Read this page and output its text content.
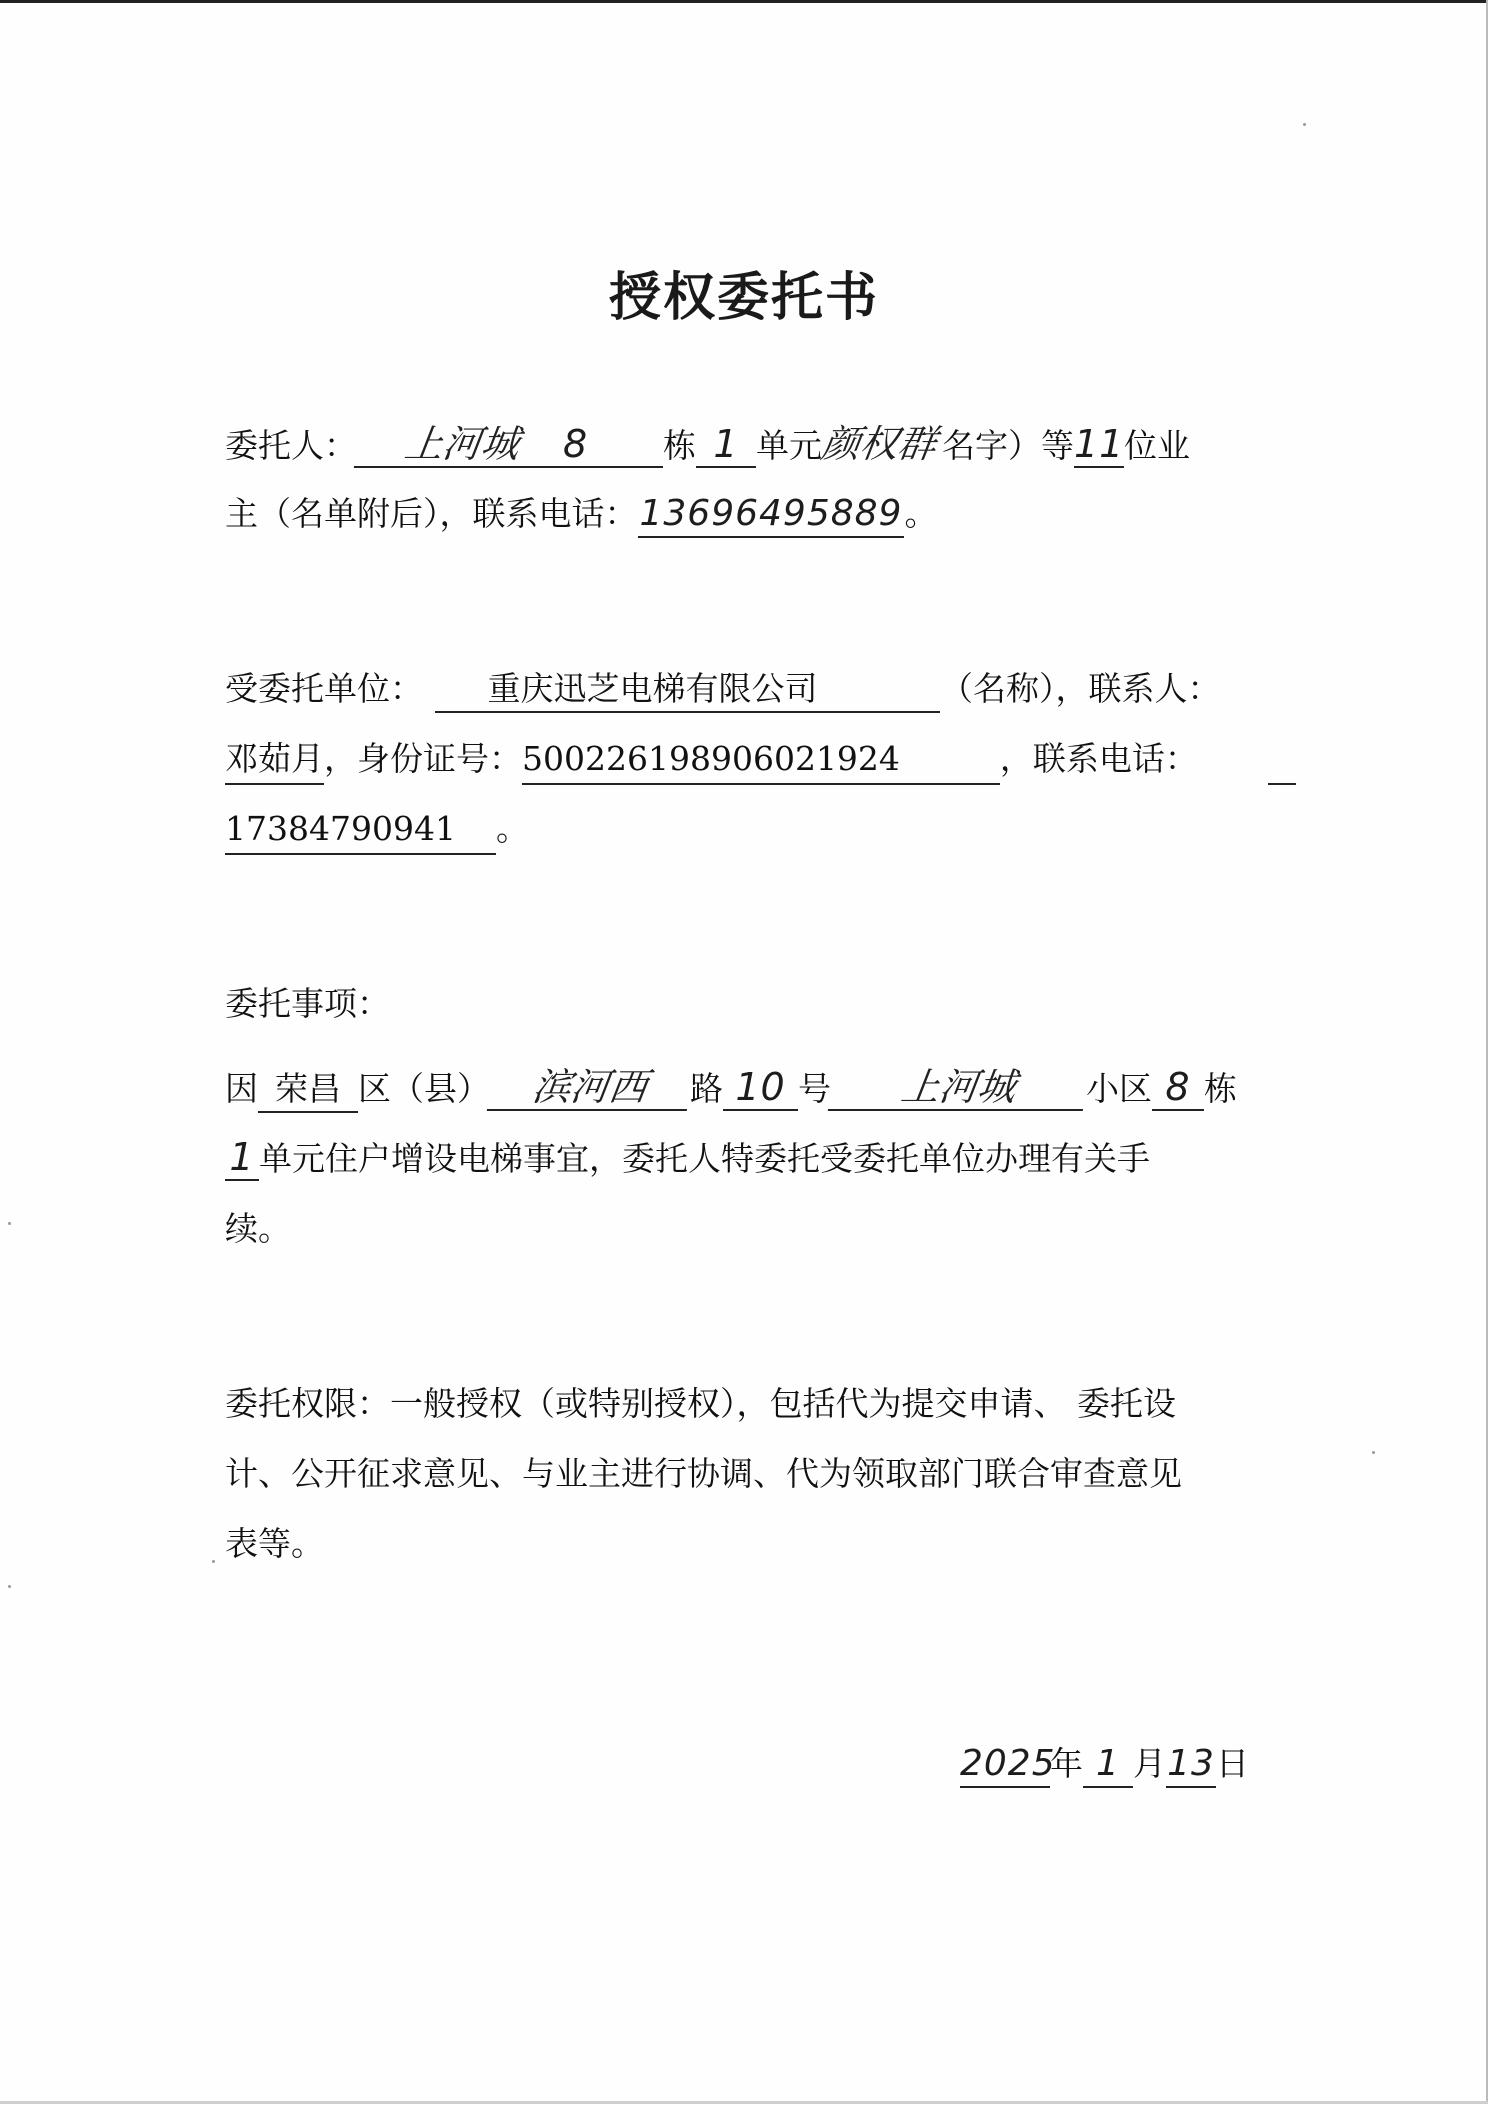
授权委托书
委托人： 上河城 8 栋 1 单元颜权群名字）等11位业
主（名单附后），联系电话：13696495889。
受委托单位： 重庆迅芝电梯有限公司	（名称），联系人：
邓茹月，身份证号：500226198906021924	，联系电话：
17384790941 。
委托事项：
因 荣昌 区（县） 滨河西 路 10 号 上河城 小区 8 栋
1 单元住户增设电梯事宜，委托人特委托受委托单位办理有关手
续。
委托权限：一般授权（或特别授权），包括代为提交申请、 委托设
计、公开征求意见、与业主进行协调、代为领取部门联合审查意见
表等。
2025年 1 月13日
